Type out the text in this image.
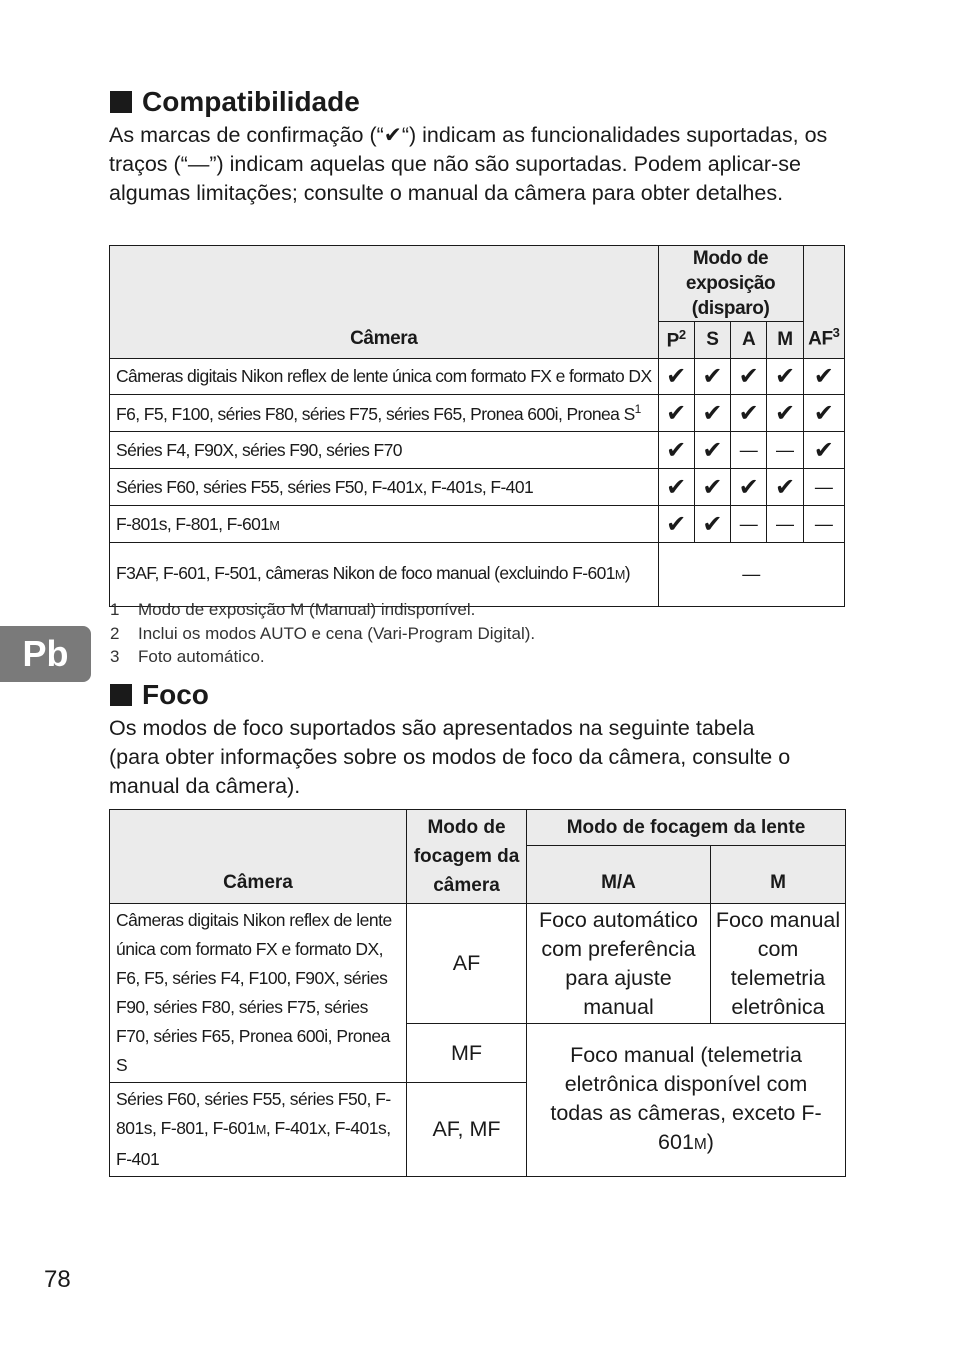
Compatibilidade

As marcas de confirmação (“✔“) indicam as funcionalidades suportadas, os traços (“—”) indicam aquelas que não são suportadas. Podem aplicar-se algumas limitações; consulte o manual da câmera para obter detalhes.

Câmera	Modo de exposição (disparo)				$AF^3$
	$P^2$	S	A	M	
Câmeras digitais Nikon reflex de lente única com formato FX e formato DX	✔	✔	✔	✔	✔
F6, F5, F100, séries F80, séries F75, séries F65, Pronea 600i, Pronea $S^1$	✔	✔	✔	✔	✔
Séries F4, F90X, séries F90, séries F70	✔	✔	—	—	✔
Séries F60, séries F55, séries F50, F-401x, F-401s, F-401	✔	✔	✔	✔	—
F-801s, F-801, F-601M	✔	✔	—	—	—
F3AF, F-601, F-501, câmeras Nikon de foco manual (excluindo F-601M)	—				
1 Modo de exposição M (Manual) indisponível.
2 Inclui os modos AUTO e cena (Vari-Program Digital).
3 Foto automático.
Pb
Foco

Os modos de foco suportados são apresentados na seguinte tabela
(para obter informações sobre os modos de foco da câmera, consulte o manual da câmera).

Câmera	Modo de focagem da câmera	Modo de focagem da lente	
		M/A	M
Câmeras digitais Nikon reflex de lente única com formato FX e formato DX, F6, F5, séries F4, F100, F90X, séries F90, séries F80, séries F75, séries F70, séries F65, Pronea 600i, Pronea S	AF	Foco automático com preferência para ajuste manual	Foco manual com telemetria eletrônica
	MF	Foco manual (telemetria eletrônica disponível com todas as câmeras, exceto F-601M)	
Séries F60, séries F55, séries F50, F-801s, F-801, F-601M, F-401x, F-401s, F-401	AF, MF		
78
